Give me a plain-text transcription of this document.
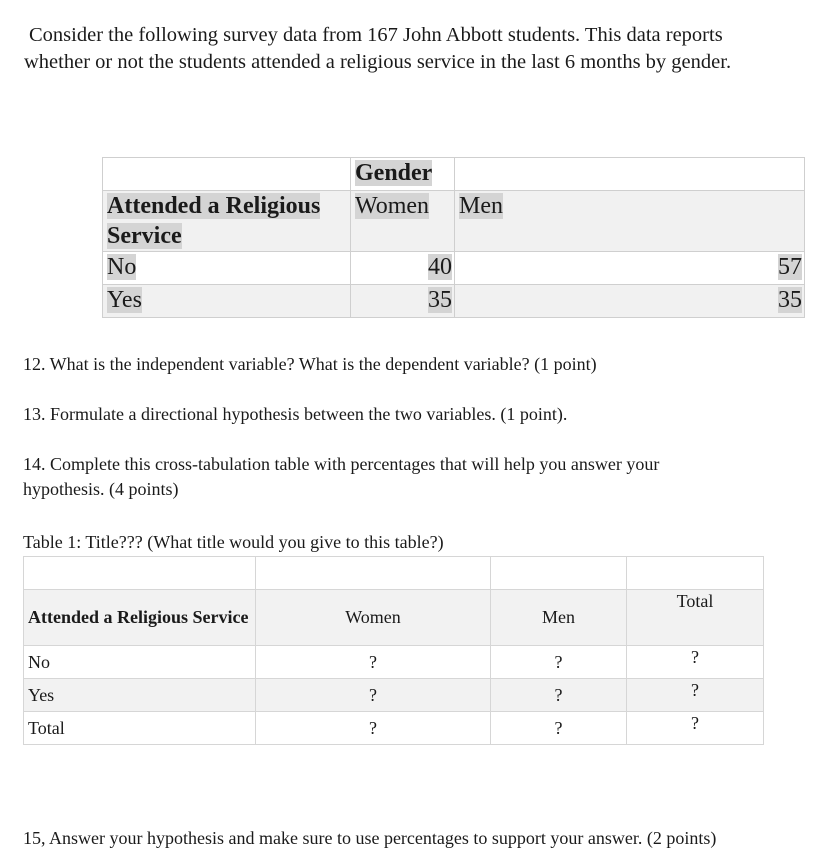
Consider the following survey data from 167 John Abbott students. This data reports
whether or not the students attended a religious service in the last 6 months by gender.

	Gender	
Attended a Religious Service	Women	Men
No	40	57
Yes	35	35

12. What is the independent variable? What is the dependent variable? (1 point)

13. Formulate a directional hypothesis between the two variables. (1 point).

14. Complete this cross-tabulation table with percentages that will help you answer your
hypothesis. (4 points)

Table 1: Title??? (What title would you give to this table?)

Attended a Religious Service	Women	Men	Total
No	?	?	?
Yes	?	?	?
Total	?	?	?

15, Answer your hypothesis and make sure to use percentages to support your answer. (2 points)
